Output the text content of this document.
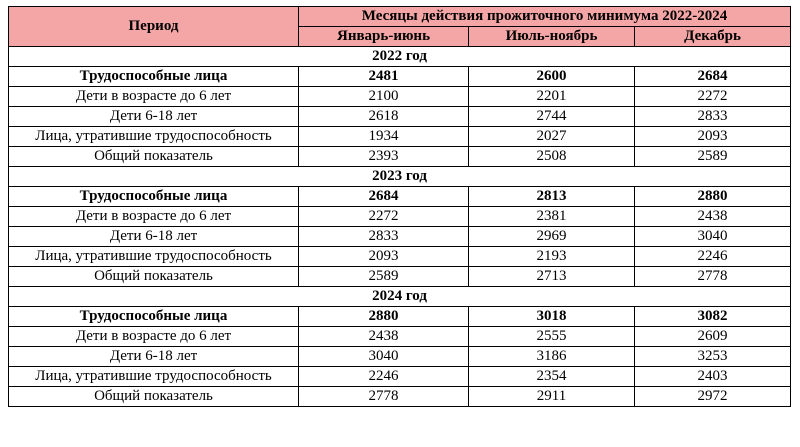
Период	Месяцы действия прожиточного минимума 2022-2024		
	Январь-июнь	Июль-ноябрь	Декабрь
2022 год			
Трудоспособные лица	2481	2600	2684
Дети в возрасте до 6 лет	2100	2201	2272
Дети 6-18 лет	2618	2744	2833
Лица, утратившие трудоспособность	1934	2027	2093
Общий показатель	2393	2508	2589
2023 год			
Трудоспособные лица	2684	2813	2880
Дети в возрасте до 6 лет	2272	2381	2438
Дети 6-18 лет	2833	2969	3040
Лица, утратившие трудоспособность	2093	2193	2246
Общий показатель	2589	2713	2778
2024 год			
Трудоспособные лица	2880	3018	3082
Дети в возрасте до 6 лет	2438	2555	2609
Дети 6-18 лет	3040	3186	3253
Лица, утратившие трудоспособность	2246	2354	2403
Общий показатель	2778	2911	2972
